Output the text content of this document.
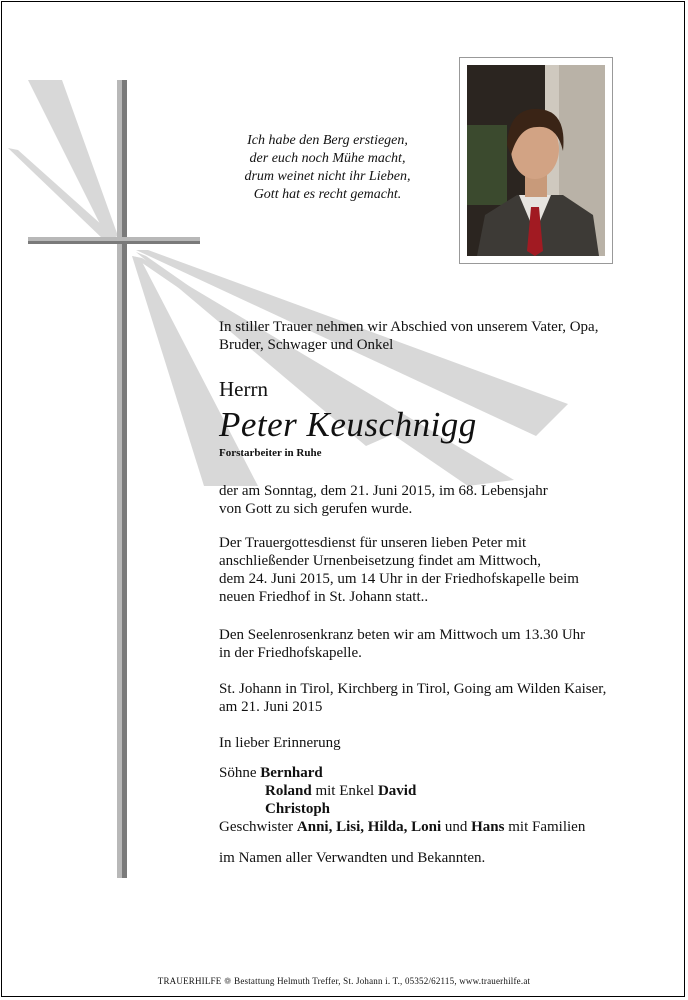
Ich habe den Berg erstiegen,
der euch noch Mühe macht,
drum weinet nicht ihr Lieben,
Gott hat es recht gemacht.
In stiller Trauer nehmen wir Abschied von unserem Vater, Opa,
Bruder, Schwager und Onkel
Herrn
Peter Keuschnigg
Forstarbeiter in Ruhe
der am Sonntag, dem 21. Juni 2015, im 68. Lebensjahr
von Gott zu sich gerufen wurde.
Der Trauergottesdienst für unseren lieben Peter mit
anschließender Urnenbeisetzung findet am Mittwoch,
dem 24. Juni 2015, um 14 Uhr in der Friedhofskapelle beim
neuen Friedhof in St. Johann statt..
Den Seelenrosenkranz beten wir am Mittwoch um 13.30 Uhr
in der Friedhofskapelle.
St. Johann in Tirol, Kirchberg in Tirol, Going am Wilden Kaiser,
am 21. Juni 2015
In lieber Erinnerung
Söhne Bernhard
Roland mit Enkel David
Christoph
Geschwister Anni, Lisi, Hilda, Loni und Hans mit Familien
im Namen aller Verwandten und Bekannten.
TRAUERHILFE ❁ Bestattung Helmuth Treffer, St. Johann i. T., 05352/62115, www.trauerhilfe.at
